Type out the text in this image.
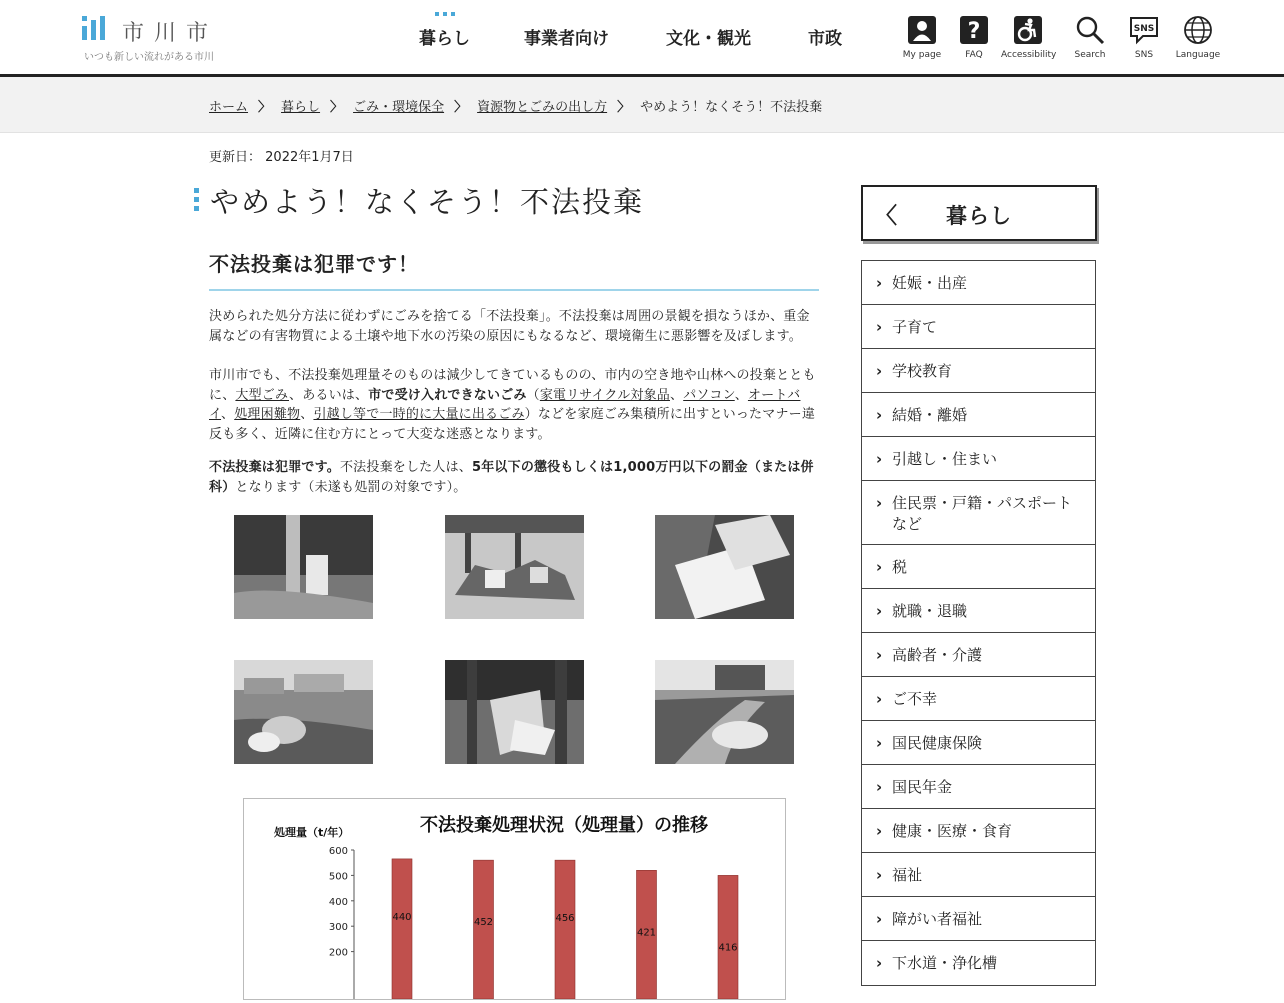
市川市
いつも新しい流れがある市川
暮らし	事業者向け	文化・観光	市政
My page
?
FAQ	Accessibility	Search
SNS
SNS	Language
ホーム 〉 暮らし 〉 ごみ・環境保全 〉 資源物とごみの出し方 〉 やめよう！なくそう！不法投棄
更新日： 2022年1月7日
やめよう！なくそう！不法投棄
不法投棄は犯罪です！

決められた処分方法に従わずにごみを捨てる「不法投棄」。不法投棄は周囲の景観を損なうほか、重金属などの有害物質による土壌や地下水の汚染の原因にもなるなど、環境衛生に悪影響を及ぼします。

市川市でも、不法投棄処理量そのものは減少してきているものの、市内の空き地や山林への投棄とともに、大型ごみ、あるいは、市で受け入れできないごみ（家電リサイクル対象品、パソコン、オートバイ、処理困難物、引越し等で一時的に大量に出るごみ）などを家庭ごみ集積所に出すといったマナー違反も多く、近隣に住む方にとって大変な迷惑となります。

不法投棄は犯罪です。不法投棄をした人は、5年以下の懲役もしくは1,000万円以下の罰金（または併科）となります（未遂も処罰の対象です）。

不法投棄処理状況（処理量）の推移
処理量（t/年）
200
300
400
500
600
440	452	456
421
416
〈	暮らし
› 妊娠・出産
› 子育て
› 学校教育
› 結婚・離婚
› 引越し・住まい
› 住民票・戸籍・パスポートなど
› 税
› 就職・退職
› 高齢者・介護
› ご不幸
› 国民健康保険
› 国民年金
› 健康・医療・食育
› 福祉
› 障がい者福祉
› 下水道・浄化槽
